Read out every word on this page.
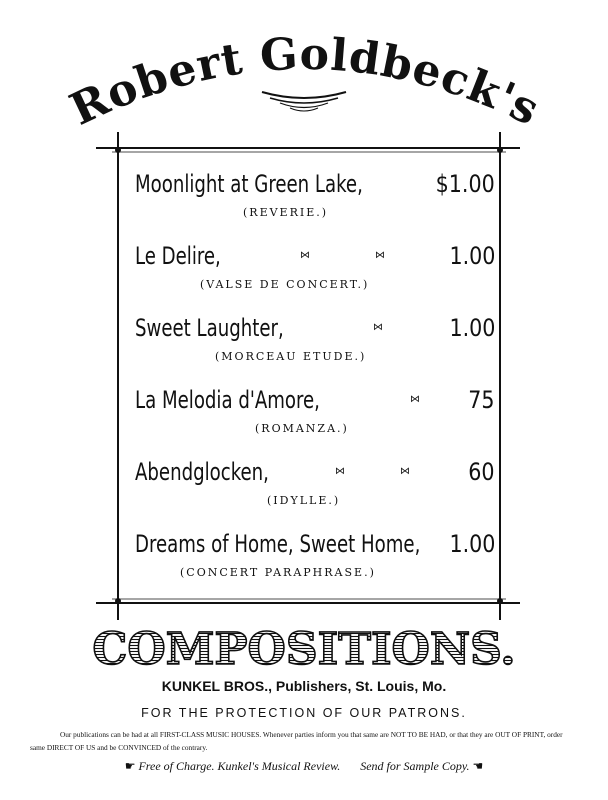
Robert Goldbeck's
Moonlight at Green Lake,	$1.00
(REVERIE.)
Le Delire,	⋈	⋈	1.00
(VALSE DE CONCERT.)
Sweet Laughter,	⋈	1.00
(MORCEAU ETUDE.)
La Melodia d'Amore,	⋈ 75
(ROMANZA.)
Abendglocken,	⋈	⋈ 60
(IDYLLE.)
Dreams of Home, Sweet Home, 1.00
(CONCERT PARAPHRASE.)
COMPOSITIONS.
KUNKEL BROS., Publishers, St. Louis, Mo.
FOR THE PROTECTION OF OUR PATRONS.
Our publications can be had at all FIRST-CLASS MUSIC HOUSES. Whenever parties inform you that same are NOT TO BE HAD, or that they are OUT OF PRINT, order
same DIRECT OF US and be CONVINCED of the contrary.
☛ Free of Charge. Kunkel's Musical Review. Send for Sample Copy. ☚
